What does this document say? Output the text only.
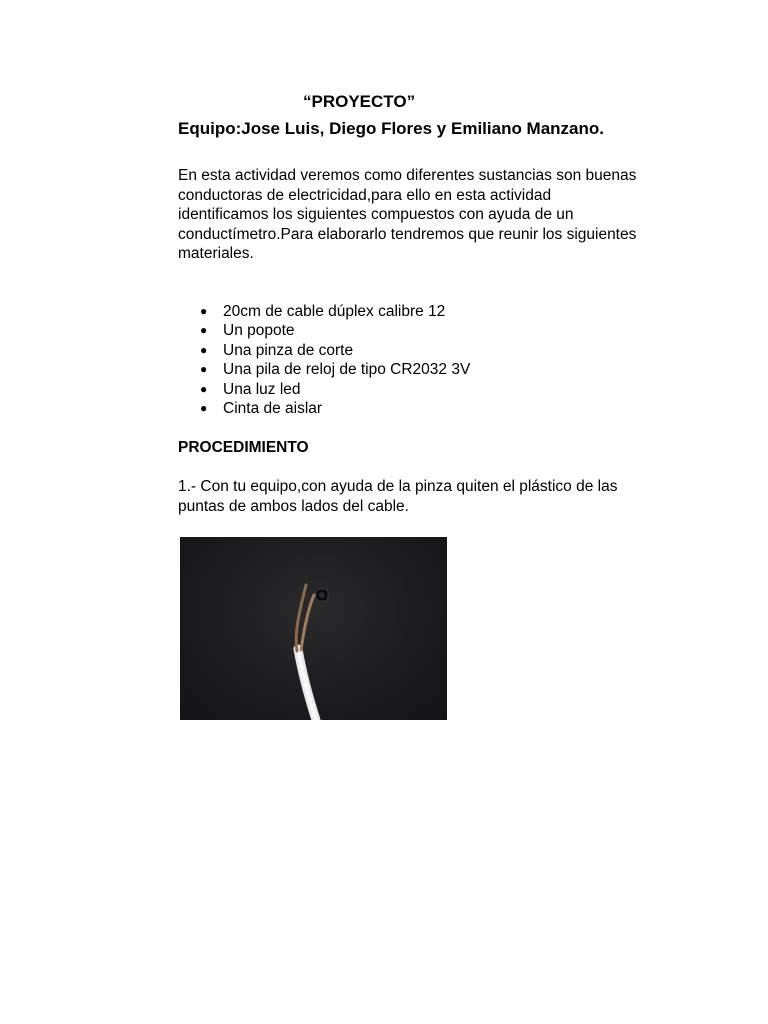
“PROYECTO”
Equipo:Jose Luis, Diego Flores y Emiliano Manzano.

En esta actividad veremos como diferentes sustancias son buenas
conductoras de electricidad,para ello en esta actividad
identificamos los siguientes compuestos con ayuda de un
conductímetro.Para elaborarlo tendremos que reunir los siguientes
materiales.

● 20cm de cable dúplex calibre 12
● Un popote
● Una pinza de corte
● Una pila de reloj de tipo CR2032 3V
● Una luz led
● Cinta de aislar
PROCEDIMIENTO

1.- Con tu equipo,con ayuda de la pinza quiten el plástico de las
puntas de ambos lados del cable.
